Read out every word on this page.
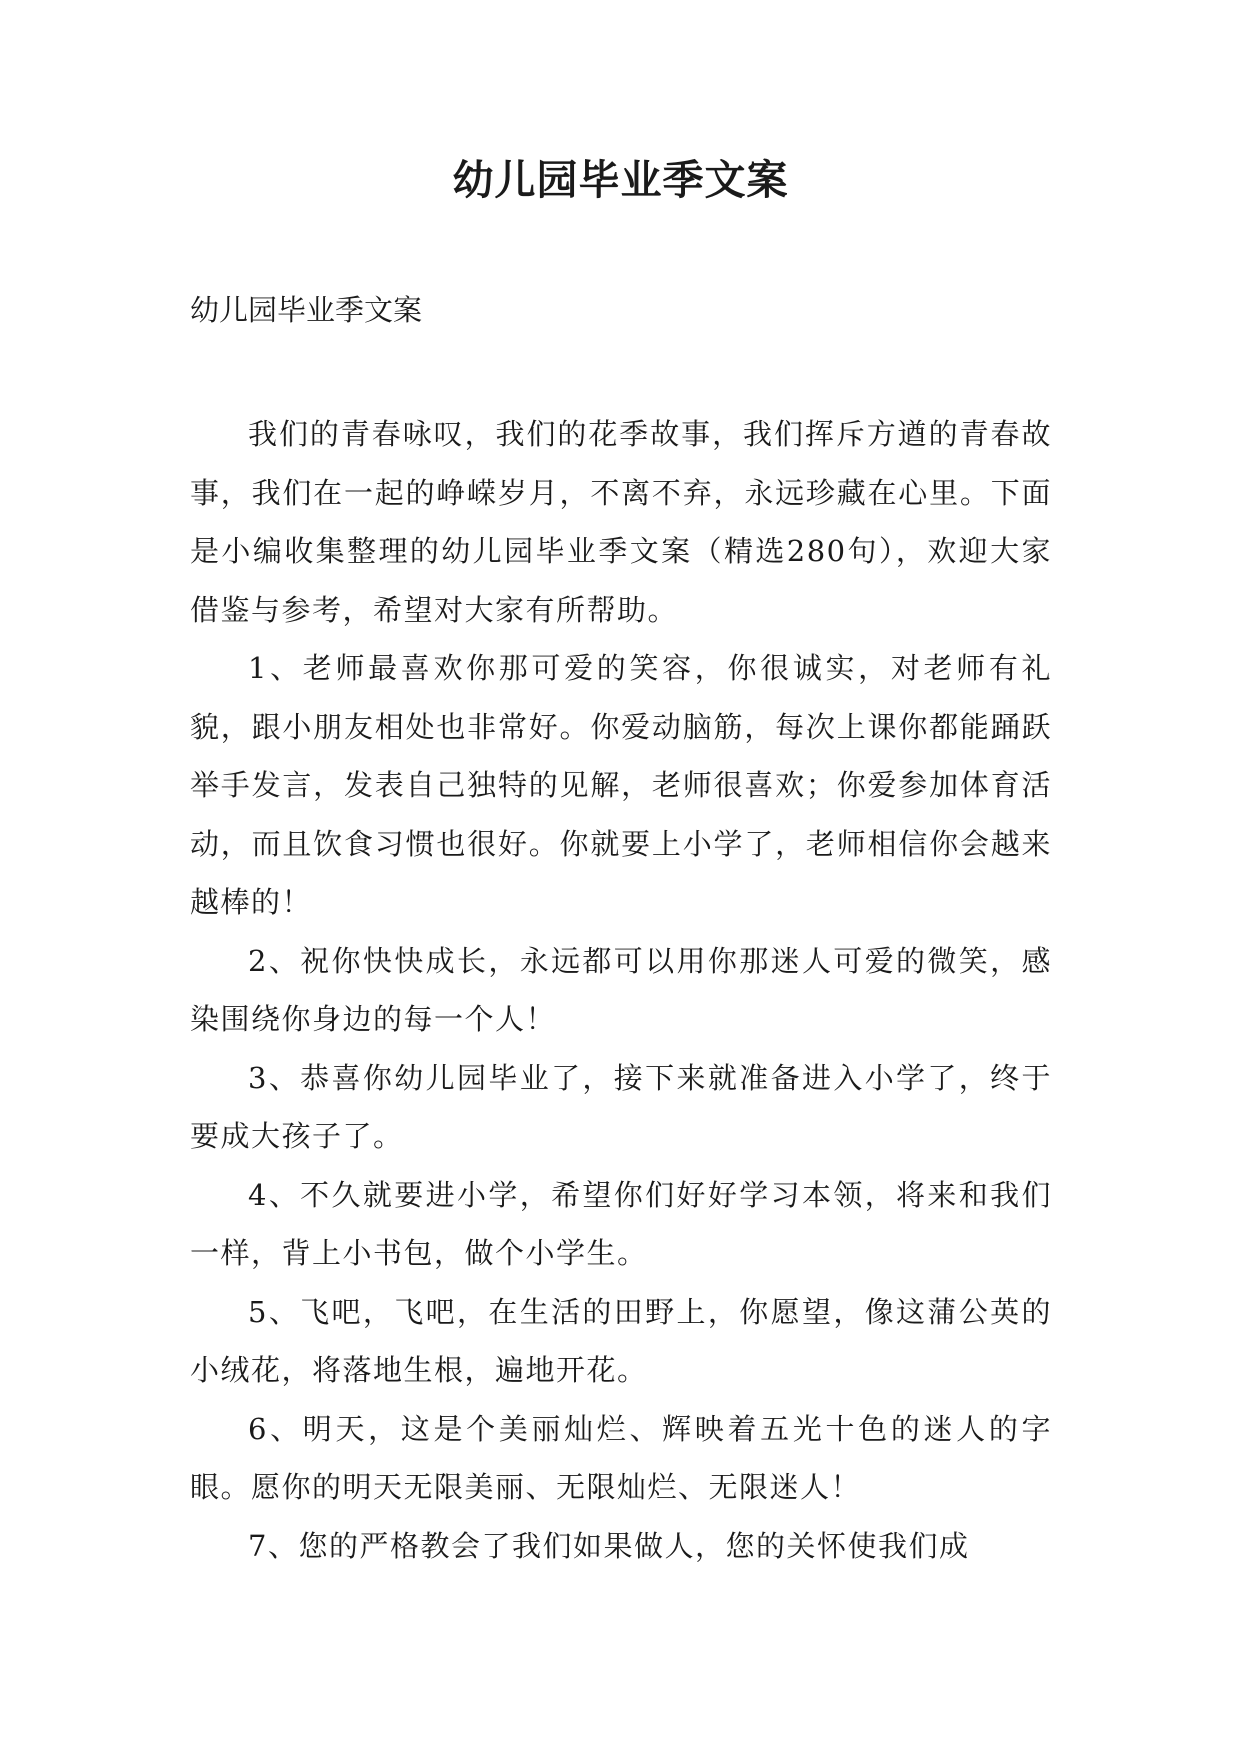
幼儿园毕业季文案
幼儿园毕业季文案

我们的青春咏叹，我们的花季故事，我们挥斥方遒的青春故事，我们在一起的峥嵘岁月，不离不弃，永远珍藏在心里。下面是小编收集整理的幼儿园毕业季文案（精选280句），欢迎大家借鉴与参考，希望对大家有所帮助。

1、老师最喜欢你那可爱的笑容，你很诚实，对老师有礼貌，跟小朋友相处也非常好。你爱动脑筋，每次上课你都能踊跃举手发言，发表自己独特的见解，老师很喜欢；你爱参加体育活动，而且饮食习惯也很好。你就要上小学了，老师相信你会越来越棒的！

2、祝你快快成长，永远都可以用你那迷人可爱的微笑，感染围绕你身边的每一个人！

3、恭喜你幼儿园毕业了，接下来就准备进入小学了，终于要成大孩子了。

4、不久就要进小学，希望你们好好学习本领，将来和我们一样，背上小书包，做个小学生。

5、飞吧，飞吧，在生活的田野上，你愿望，像这蒲公英的小绒花，将落地生根，遍地开花。

6、明天，这是个美丽灿烂、辉映着五光十色的迷人的字眼。愿你的明天无限美丽、无限灿烂、无限迷人！

7、您的严格教会了我们如果做人，您的关怀使我们成
